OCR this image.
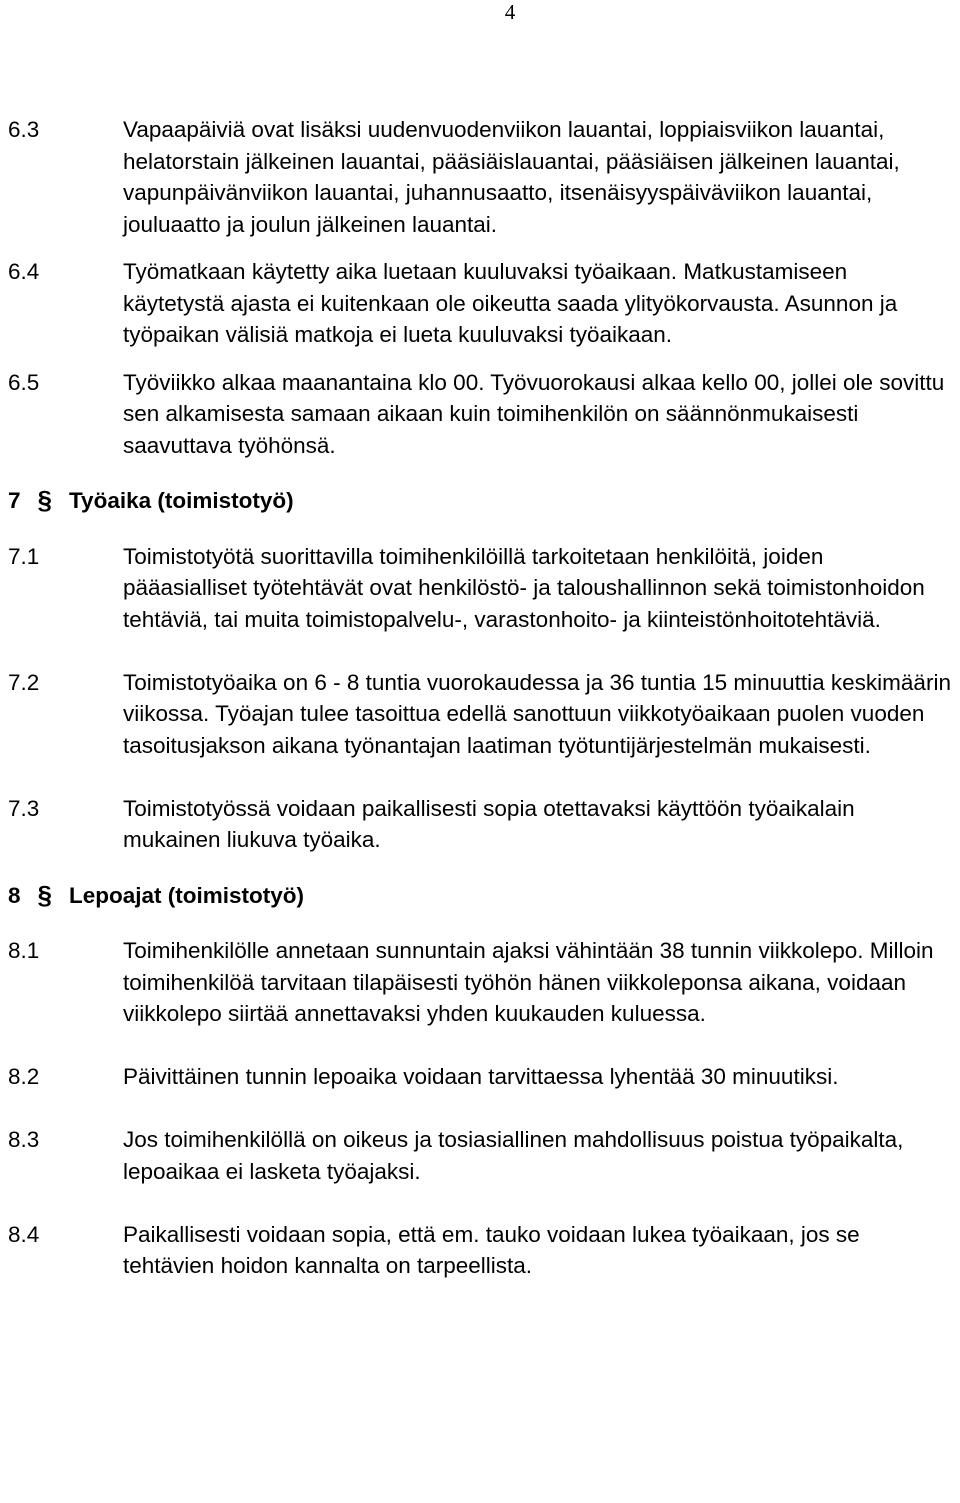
4
6.3	Vapaapäiviä ovat lisäksi uudenvuodenviikon lauantai, loppiaisviikon lauantai, helatorstain jälkeinen lauantai, pääsiäislauantai, pääsiäisen jälkeinen lauantai, vapunpäivänviikon lauantai, juhannusaatto, itsenäisyyspäiväviikon lauantai, jouluaatto ja joulun jälkeinen lauantai.
6.4	Työmatkaan käytetty aika luetaan kuuluvaksi työaikaan. Matkustamiseen käytetystä ajasta ei kuitenkaan ole oikeutta saada ylityökorvausta. Asunnon ja työpaikan välisiä matkoja ei lueta kuuluvaksi työaikaan.
6.5	Työviikko alkaa maanantaina klo 00. Työvuorokausi alkaa kello 00, jollei ole sovittu sen alkamisesta samaan aikaan kuin toimihenkilön on säännönmukaisesti saavuttava työhönsä.
7 § Työaika (toimistotyö)
7.1	Toimistotyötä suorittavilla toimihenkilöillä tarkoitetaan henkilöitä, joiden pääasialliset työtehtävät ovat henkilöstö- ja taloushallinnon sekä toimistonhoidon tehtäviä, tai muita toimistopalvelu-, varastonhoito- ja kiinteistönhoitotehtäviä.
7.2	Toimistotyöaika on 6 - 8 tuntia vuorokaudessa ja 36 tuntia 15 minuuttia keskimäärin viikossa. Työajan tulee tasoittua edellä sanottuun viikkotyöaikaan puolen vuoden tasoitusjakson aikana työnantajan laatiman työtuntijärjestelmän mukaisesti.
7.3	Toimistotyössä voidaan paikallisesti sopia otettavaksi käyttöön työaikalain mukainen liukuva työaika.
8 § Lepoajat (toimistotyö)
8.1	Toimihenkilölle annetaan sunnuntain ajaksi vähintään 38 tunnin viikkolepo. Milloin toimihenkilöä tarvitaan tilapäisesti työhön hänen viikkoleponsa aikana, voidaan viikkolepo siirtää annettavaksi yhden kuukauden kuluessa.
8.2	Päivittäinen tunnin lepoaika voidaan tarvittaessa lyhentää 30 minuutiksi.
8.3	Jos toimihenkilöllä on oikeus ja tosiasiallinen mahdollisuus poistua työpaikalta, lepoaikaa ei lasketa työajaksi.
8.4	Paikallisesti voidaan sopia, että em. tauko voidaan lukea työaikaan, jos se tehtävien hoidon kannalta on tarpeellista.
